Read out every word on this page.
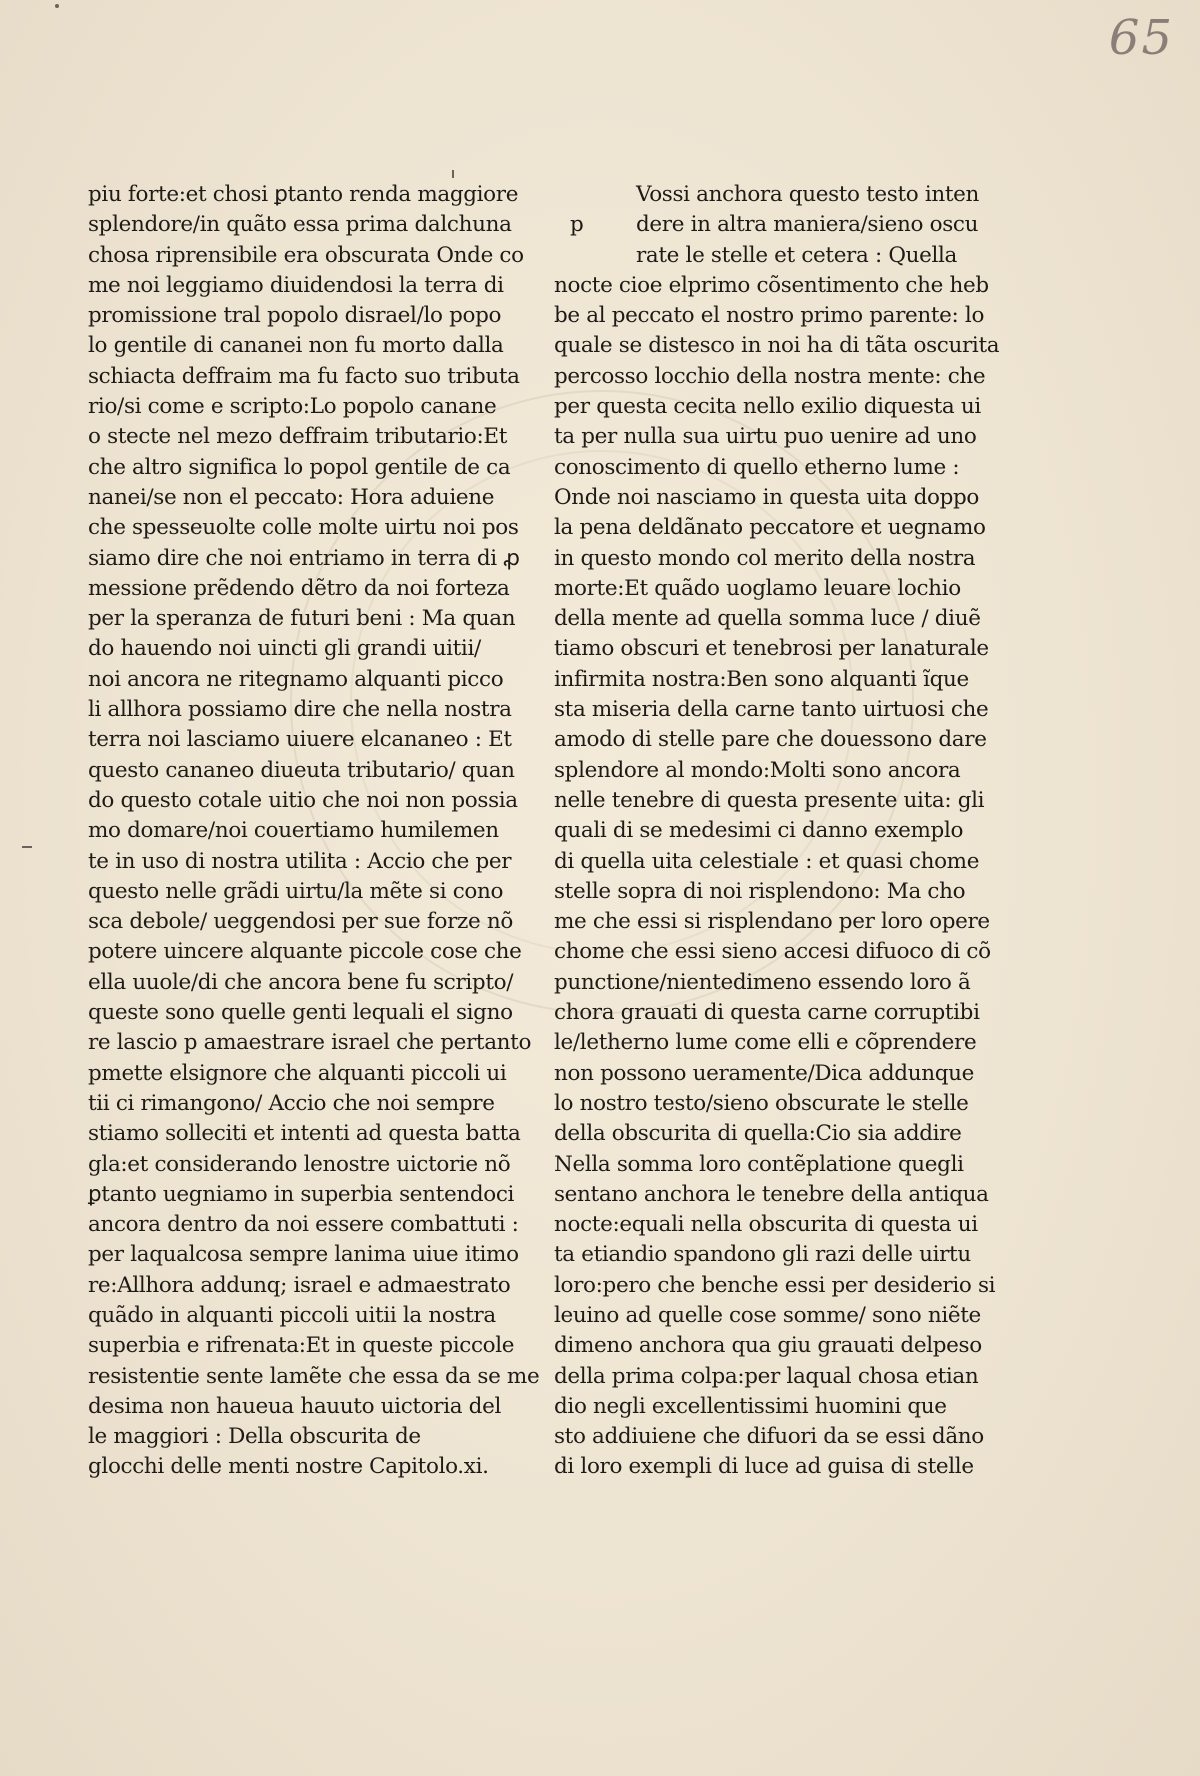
65
piu forte:et chosi ꝑtanto renda maggiore
splendore/in quãto essa prima dalchuna
chosa riprensibile era obscurata Onde co
me noi leggiamo diuidendosi la terra di
promissione tral popolo disrael/lo popo
lo gentile di cananei non fu morto dalla
schiacta deffraim ma fu facto suo tributa
rio/si come e scripto:Lo popolo canane
o stecte nel mezo deffraim tributario:Et
che altro significa lo popol gentile de ca
nanei/se non el peccato: Hora aduiene
che spesseuolte colle molte uirtu noi pos
siamo dire che noi entriamo in terra di ꝓ
messione prẽdendo dẽtro da noi forteza
per la speranza de futuri beni : Ma quan
do hauendo noi uincti gli grandi uitii/
noi ancora ne ritegnamo alquanti picco
li allhora possiamo dire che nella nostra
terra noi lasciamo uiuere elcananeo : Et
questo cananeo diueuta tributario/ quan
do questo cotale uitio che noi non possia
mo domare/noi couertiamo humilemen
te in uso di nostra utilita : Accio che per
questo nelle grãdi uirtu/la mẽte si cono
sca debole/ ueggendosi per sue forze nõ
potere uincere alquante piccole cose che
ella uuole/di che ancora bene fu scripto/
queste sono quelle genti lequali el signo
re lascio p amaestrare israel che pertanto
pmette elsignore che alquanti piccoli ui
tii ci rimangono/ Accio che noi sempre
stiamo solleciti et intenti ad questa batta
gla:et considerando lenostre uictorie nõ
ꝑtanto uegniamo in superbia sentendoci
ancora dentro da noi essere combattuti :
per laqualcosa sempre lanima uiue itimo
re:Allhora addunq; israel e admaestrato
quãdo in alquanti piccoli uitii la nostra
superbia e rifrenata:Et in queste piccole
resistentie sente lamẽte che essa da se me
desima non haueua hauuto uictoria del
le maggiori : Della obscurita de
glocchi delle menti nostre Capitolo.xi.
p
Vossi anchora questo testo inten
dere in altra maniera/sieno oscu
rate le stelle et cetera : Quella
nocte cioe elprimo cõsentimento che heb
be al peccato el nostro primo parente: lo
quale se distesco in noi ha di tãta oscurita
percosso locchio della nostra mente: che
per questa cecita nello exilio diquesta ui
ta per nulla sua uirtu puo uenire ad uno
conoscimento di quello etherno lume :
Onde noi nasciamo in questa uita doppo
la pena deldãnato peccatore et uegnamo
in questo mondo col merito della nostra
morte:Et quãdo uoglamo leuare lochio
della mente ad quella somma luce / diuẽ
tiamo obscuri et tenebrosi per lanaturale
infirmita nostra:Ben sono alquanti ĩque
sta miseria della carne tanto uirtuosi che
amodo di stelle pare che douessono dare
splendore al mondo:Molti sono ancora
nelle tenebre di questa presente uita: gli
quali di se medesimi ci danno exemplo
di quella uita celestiale : et quasi chome
stelle sopra di noi risplendono: Ma cho
me che essi si risplendano per loro opere
chome che essi sieno accesi difuoco di cõ
punctione/nientedimeno essendo loro ã
chora grauati di questa carne corruptibi
le/letherno lume come elli e cõprendere
non possono ueramente/Dica addunque
lo nostro testo/sieno obscurate le stelle
della obscurita di quella:Cio sia addire
Nella somma loro contẽplatione quegli
sentano anchora le tenebre della antiqua
nocte:equali nella obscurita di questa ui
ta etiandio spandono gli razi delle uirtu
loro:pero che benche essi per desiderio si
leuino ad quelle cose somme/ sono niẽte
dimeno anchora qua giu grauati delpeso
della prima colpa:per laqual chosa etian
dio negli excellentissimi huomini que
sto addiuiene che difuori da se essi dãno
di loro exempli di luce ad guisa di stelle
